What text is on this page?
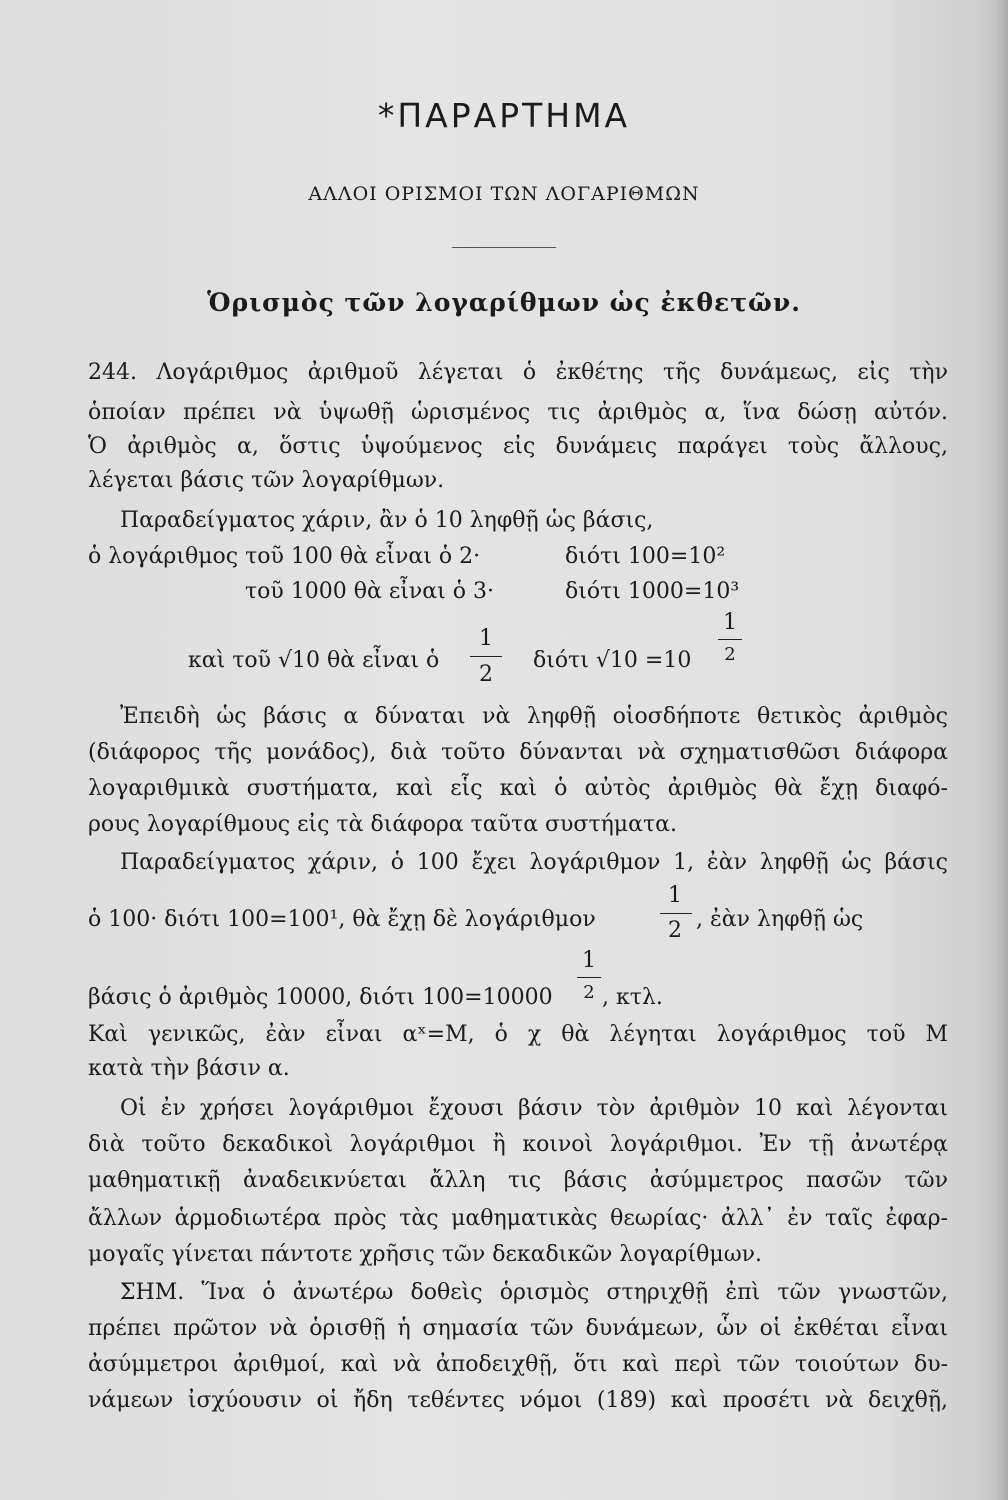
*ΠΑΡΑΡΤΗΜΑ
ΑΛΛΟΙ ΟΡΙΣΜΟΙ ΤΩΝ ΛΟΓΑΡΙΘΜΩΝ
Ὁρισμὸς τῶν λογαρίθμων ὡς ἐκθετῶν.
244. Λογάριθμος ἀριθμοῦ λέγεται ὁ ἐκθέτης τῆς δυνάμεως, εἰς τὴν
ὁποίαν πρέπει νὰ ὑψωθῇ ὡρισμένος τις ἀριθμὸς α, ἵνα δώσῃ αὐτόν.
Ὁ ἀριθμὸς α, ὅστις ὑψούμενος εἰς δυνάμεις παράγει τοὺς ἄλλους,
λέγεται βάσις τῶν λογαρίθμων.
Παραδείγματος χάριν, ἂν ὁ 10 ληφθῇ ὡς βάσις,
ὁ λογάριθμος τοῦ 100 θὰ εἶναι ὁ 2·	διότι 100=10²
τοῦ 1000 θὰ εἶναι ὁ 3·	διότι 1000=10³
καὶ τοῦ √10 θὰ εἶναι ὁ
1
2
διότι √10 =10
1
2
Ἐπειδὴ ὡς βάσις α δύναται νὰ ληφθῇ οἱοσδήποτε θετικὸς ἀριθμὸς
(διάφορος τῆς μονάδος), διὰ τοῦτο δύνανται νὰ σχηματισθῶσι διάφορα
λογαριθμικὰ συστήματα, καὶ εἷς καὶ ὁ αὐτὸς ἀριθμὸς θὰ ἔχῃ διαφό-
ρους λογαρίθμους εἰς τὰ διάφορα ταῦτα συστήματα.
Παραδείγματος χάριν, ὁ 100 ἔχει λογάριθμον 1, ἐὰν ληφθῇ ὡς βάσις
ὁ 100· διότι 100=100¹, θὰ ἔχῃ δὲ λογάριθμον
1
2 , ἐὰν ληφθῇ ὡς
βάσις ὁ ἀριθμὸς 10000, διότι 100=10000
1
2 , κτλ.
Καὶ γενικῶς, ἐὰν εἶναι αˣ=Μ, ὁ χ θὰ λέγηται λογάριθμος τοῦ Μ
κατὰ τὴν βάσιν α.
Οἱ ἐν χρήσει λογάριθμοι ἔχουσι βάσιν τὸν ἀριθμὸν 10 καὶ λέγονται
διὰ τοῦτο δεκαδικοὶ λογάριθμοι ἢ κοινοὶ λογάριθμοι. Ἐν τῇ ἀνωτέρᾳ
μαθηματικῇ ἀναδεικνύεται ἄλλη τις βάσις ἀσύμμετρος πασῶν τῶν
ἄλλων ἁρμοδιωτέρα πρὸς τὰς μαθηματικὰς θεωρίας· ἀλλ᾽ ἐν ταῖς ἐφαρ-
μογαῖς γίνεται πάντοτε χρῆσις τῶν δεκαδικῶν λογαρίθμων.
ΣΗΜ. Ἵνα ὁ ἀνωτέρω δοθεὶς ὁρισμὸς στηριχθῇ ἐπὶ τῶν γνωστῶν,
πρέπει πρῶτον νὰ ὁρισθῇ ἡ σημασία τῶν δυνάμεων, ὧν οἱ ἐκθέται εἶναι
ἀσύμμετροι ἀριθμοί, καὶ νὰ ἀποδειχθῇ, ὅτι καὶ περὶ τῶν τοιούτων δυ-
νάμεων ἰσχύουσιν οἱ ἤδη τεθέντες νόμοι (189) καὶ προσέτι νὰ δειχθῇ,
